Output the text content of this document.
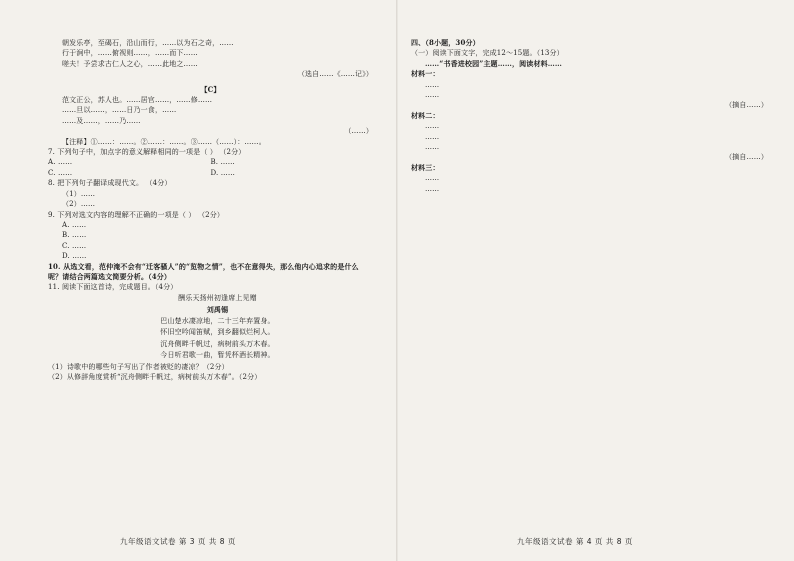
朝发乐亭，至碣石，沿山而行，……以为石之奇，……

行于涧中，……俯视则……，……而下……

嗟夫！予尝求古仁人之心，……此地之……

（选自……《……记》）

【C】

范文正公，苏人也。……居官……，……修……

……旦以……，……日乃一食，……

……及……，……乃……

（……）

【注释】①……：……。②……：……。③……（……）：……。

7. 下列句子中，加点字的意义解释相同的一项是（ ） （2分）

A. ……	B. ……
C. ……	D. ……

8. 把下列句子翻译成现代文。 （4分）

（1）……

（2）……

9. 下列对选文内容的理解不正确的一项是（ ） （2分）

A. ……

B. ……

C. ……

D. ……

10. 从选文看，范仲淹不会有“迁客骚人”的“览物之情”，也不在意得失，那么他内心追求的是什么呢？请结合两篇选文简要分析。（4分）

11. 阅读下面这首诗，完成题目。（4分）

酬乐天扬州初逢席上见赠

刘禹锡

巴山楚水凄凉地，二十三年弃置身。

怀旧空吟闻笛赋，到乡翻似烂柯人。

沉舟侧畔千帆过，病树前头万木春。

今日听君歌一曲，暂凭杯酒长精神。

（1）诗歌中的哪些句子写出了作者被贬的凄凉？（2分）

（2）从修辞角度赏析“沉舟侧畔千帆过，病树前头万木春”。（2分）

九年级语文试卷 第 3 页 共 8 页

四、（8小题，30分）

（一）阅读下面文字，完成12～15题。（13分）

……“书香进校园”主题……，阅读材料……

材料一：

……

……

（摘自……）

材料二：

……

……

……

（摘自……）

材料三：

……

……

九年级语文试卷 第 4 页 共 8 页
